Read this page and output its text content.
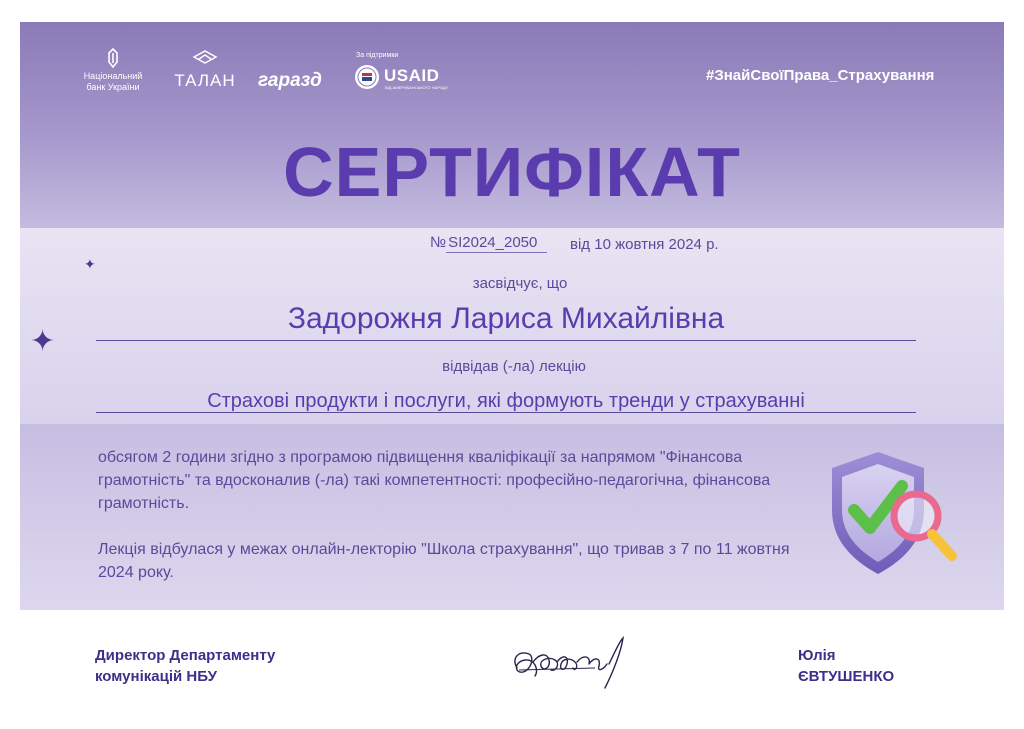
Національний банк України	ТАЛАН гаразд
За підтримки
USAID
ВІД АМЕРИКАНСЬКОГО НАРОДУ
#ЗнайСвоїПрава_Страхування
СЕРТИФІКАТ
✦
✦
№ SI2024_2050	від 10 жовтня 2024 р.
засвідчує, що
Задорожня Лариса Михайлівна
відвідав (-ла) лекцію
Страхові продукти і послуги, які формують тренди у страхуванні
обсягом 2 години згідно з програмою підвищення кваліфікації за напрямом "Фінансова грамотність" та вдосконалив (-ла) такі компетентності: професійно-педагогічна, фінансова грамотність.
Лекція відбулася у межах онлайн-лекторію "Школа страхування", що тривав з 7 по 11 жовтня 2024 року.
Директор Департаменту
комунікацій НБУ
Юлія
ЄВТУШЕНКО
